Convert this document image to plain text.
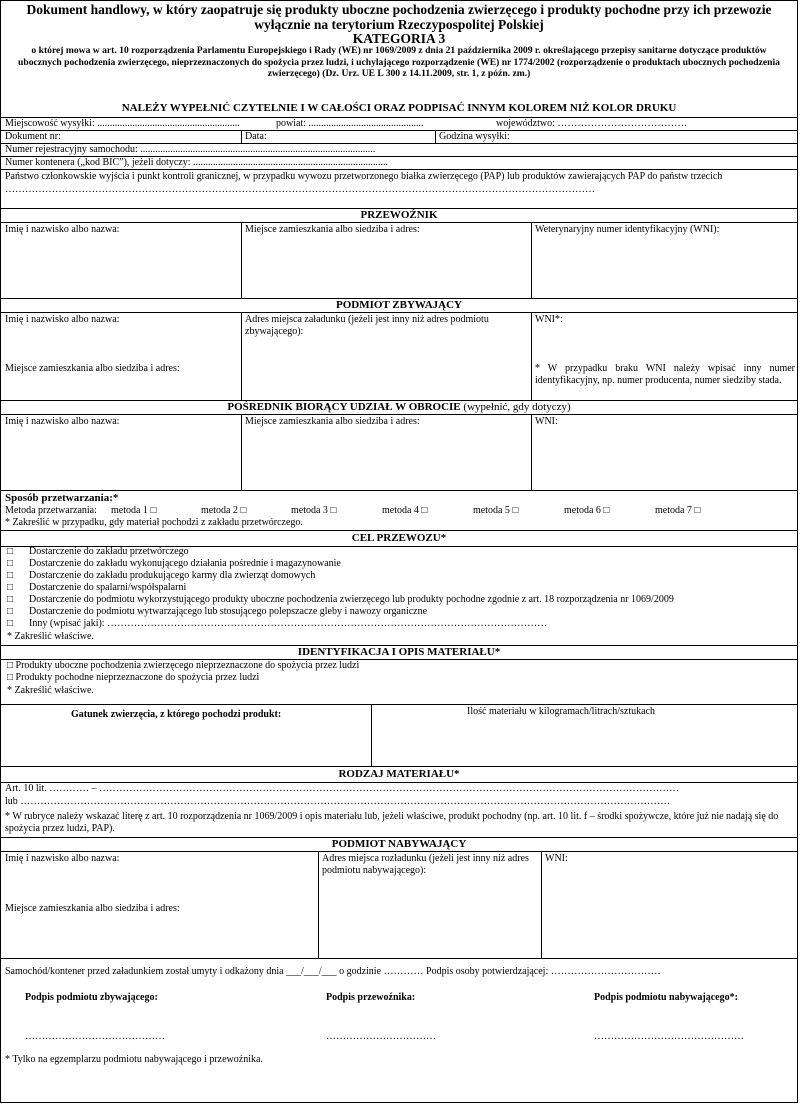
Dokument handlowy, w który zaopatruje się produkty uboczne pochodzenia zwierzęcego i produkty pochodne przy ich przewozie wyłącznie na terytorium Rzeczypospolitej Polskiej
KATEGORIA 3
o której mowa w art. 10 rozporządzenia Parlamentu Europejskiego i Rady (WE) nr 1069/2009 z dnia 21 października 2009 r. określającego przepisy sanitarne dotyczące produktów ubocznych pochodzenia zwierzęcego, nieprzeznaczonych do spożycia przez ludzi, i uchylającego rozporządzenie (WE) nr 1774/2002 (rozporządzenie o produktach ubocznych pochodzenia zwierzęcego) (Dz. Urz. UE L 300 z 14.11.2009, str. 1, z późn. zm.)
NALEŻY WYPEŁNIĆ CZYTELNIE I W CAŁOŚCI ORAZ PODPISAĆ INNYM KOLOREM NIŻ KOLOR DRUKU
Miejscowość wysyłki: .........................................................	powiat: ..............................................	województwo: …………………………………
Dokument nr:	Data:	Godzina wysyłki:
Numer rejestracyjny samochodu: ..............................................................................................
Numer kontenera („kod BIC”), jeżeli dotyczy: ..............................................................................
Państwo członkowskie wyjścia i punkt kontroli granicznej, w przypadku wywozu przetworzonego białka zwierzęcego (PAP) lub produktów zawierających PAP do państw trzecich
……………………………………………………………………………………………………………………………………………………………
PRZEWOŹNIK
Imię i nazwisko albo nazwa:	Miejsce zamieszkania albo siedziba i adres:	Weterynaryjny numer identyfikacyjny (WNI):
PODMIOT ZBYWAJĄCY
Imię i nazwisko albo nazwa:
Miejsce zamieszkania albo siedziba i adres:
Adres miejsca załadunku (jeżeli jest inny niż adres podmiotu zbywającego):
WNI*:
* W przypadku braku WNI należy wpisać inny numer identyfikacyjny, np. numer producenta, numer siedziby stada.
POŚREDNIK BIORĄCY UDZIAŁ W OBROCIE (wypełnić, gdy dotyczy)
Imię i nazwisko albo nazwa:	Miejsce zamieszkania albo siedziba i adres:	WNI:
Sposób przetwarzania:*
Metoda przetwarzania: metoda 1 □	metoda 2 □	metoda 3 □	metoda 4 □	metoda 5 □	metoda 6 □	metoda 7 □
* Zakreślić w przypadku, gdy materiał pochodzi z zakładu przetwórczego.
CEL PRZEWOZU*
□ Dostarczenie do zakładu przetwórczego
□ Dostarczenie do zakładu wykonującego działania pośrednie i magazynowanie
□ Dostarczenie do zakładu produkującego karmy dla zwierząt domowych
□ Dostarczenie do spalarni/współspalarni
□ Dostarczenie do podmiotu wykorzystującego produkty uboczne pochodzenia zwierzęcego lub produkty pochodne zgodnie z art. 18 rozporządzenia nr 1069/2009
□ Dostarczenie do podmiotu wytwarzającego lub stosującego polepszacze gleby i nawozy organiczne
□ Inny (wpisać jaki): ……………………………………………………………………………………………………………………
* Zakreślić właściwe.
IDENTYFIKACJA I OPIS MATERIAŁU*
□ Produkty uboczne pochodzenia zwierzęcego nieprzeznaczone do spożycia przez ludzi
□ Produkty pochodne nieprzeznaczone do spożycia przez ludzi
* Zakreślić właściwe.
Gatunek zwierzęcia, z którego pochodzi produkt:	Ilość materiału w kilogramach/litrach/sztukach
RODZAJ MATERIAŁU*
Art. 10 lit. ………… – …………………………………………………………………………………………………………………………………………………………
lub ……………………………………………………………………………………………………………………………………………………………………………
* W rubryce należy wskazać literę z art. 10 rozporządzenia nr 1069/2009 i opis materiału lub, jeżeli właściwe, produkt pochodny (np. art. 10 lit. f – środki spożywcze, które już nie nadają się do spożycia przez ludzi, PAP).
PODMIOT NABYWAJĄCY
Imię i nazwisko albo nazwa:
Miejsce zamieszkania albo siedziba i adres:
Adres miejsca rozładunku (jeżeli jest inny niż adres podmiotu nabywającego):
WNI:
Samochód/kontener przed załadunkiem został umyty i odkażony dnia ___/___/___ o godzinie ………… Podpis osoby potwierdzającej: ……………………………
Podpis podmiotu zbywającego:	Podpis przewoźnika:	Podpis podmiotu nabywającego*:
……………………………………	……………………………	………………………………………
* Tylko na egzemplarzu podmiotu nabywającego i przewoźnika.
